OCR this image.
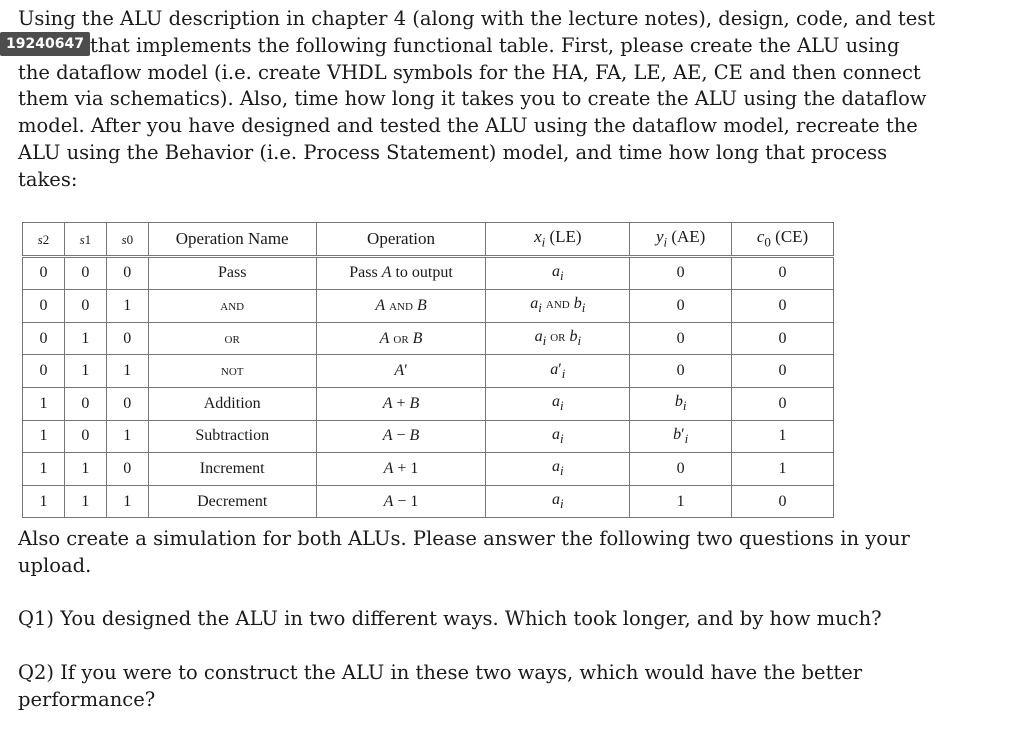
Using the ALU description in chapter 4 (along with the lecture notes), design, code, and test
that implements the following functional table. First, please create the ALU using
the dataflow model (i.e. create VHDL symbols for the HA, FA, LE, AE, CE and then connect
them via schematics). Also, time how long it takes you to create the ALU using the dataflow
model. After you have designed and tested the ALU using the dataflow model, recreate the
ALU using the Behavior (i.e. Process Statement) model, and time how long that process
takes:
19240647
s2	s1	s0	Operation Name	Operation	$x_i$ (LE)	$y_i$ (AE)	$c_0$ (CE)
0	0	0	Pass	Pass A to output	$a_i$	0	0
0	0	1	and	A and B	$a_i$ and $b_i$	0	0
0	1	0	or	A or B	$a_i$ or $b_i$	0	0
0	1	1	not	A′	$a'_i$	0	0
1	0	0	Addition	A + B	$a_i$	$b_i$	0
1	0	1	Subtraction	A − B	$a_i$	$b'_i$	1
1	1	0	Increment	A + 1	$a_i$	0	1
1	1	1	Decrement	A − 1	$a_i$	1	0
Also create a simulation for both ALUs. Please answer the following two questions in your
upload.
Q1) You designed the ALU in two different ways. Which took longer, and by how much?
Q2) If you were to construct the ALU in these two ways, which would have the better
performance?
